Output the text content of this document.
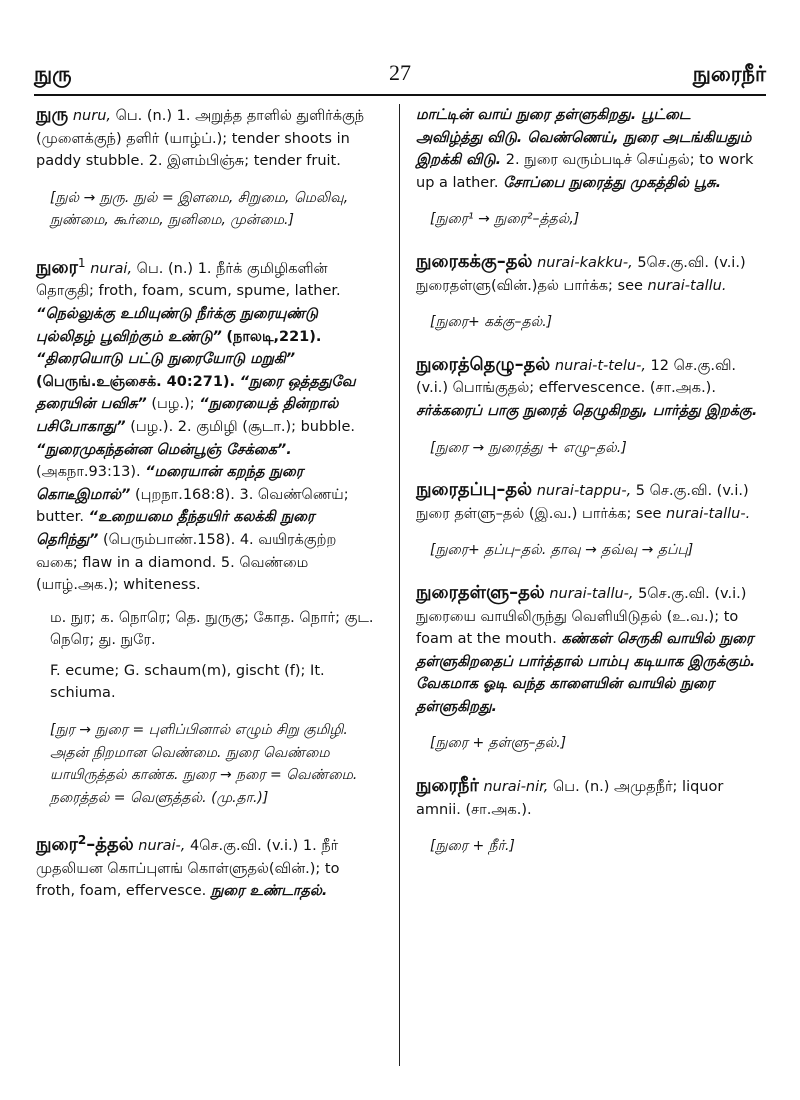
நுரு	27	நுரைநீர்
நுரு nuru, பெ. (n.) 1. அறுத்த தாளில் துளிர்க்குந் (முளைக்குந்) தளிர் (யாழ்ப்.); tender shoots in paddy stubble. 2. இளம்பிஞ்சு; tender fruit.
[நுல் → நுரு. நுல் = இளமை, சிறுமை, மெலிவு, நுண்மை, கூர்மை, நுனிமை, முன்மை.]
நுரை$^1$ nurai, பெ. (n.) 1. நீர்க் குமிழிகளின் தொகுதி; froth, foam, scum, spume, lather. “நெல்லுக்கு உமியுண்டு நீர்க்கு நுரையுண்டு புல்லிதழ் பூவிற்கும் உண்டு” (நாலடி,221). “திரையொடு பட்டு நுரையோடு மறுகி” (பெருங்.உஞ்சைக். 40:271). “நுரை ஒத்ததுவே தரையின் பவிசு” (பழ.); “நுரையைத் தின்றால் பசிபோகாது” (பழ.). 2. குமிழி (சூடா.); bubble. “நுரைமுகந்தன்ன மென்பூஞ் சேக்கை”. (அகநா.93:13). “மரையான் கறந்த நுரை கொடீஇமால்” (புறநா.168:8). 3. வெண்ணெய்; butter. “உறையமை தீந்தயிர் கலக்கி நுரை தெரிந்து” (பெரும்பாண்.158). 4. வயிரக்குற்ற வகை; flaw in a diamond. 5. வெண்மை (யாழ்.அக.); whiteness.
ம. நுர; க. நொரெ; தெ. நுருகு; கோத. நொர்; குட. நெரெ; து. நுரே.
F. ecume; G. schaum(m), gischt (f); It. schiuma.
[நுர → நுரை = புளிப்பினால் எழும் சிறு குமிழி. அதன் நிறமான வெண்மை. நுரை வெண்மை யாயிருத்தல் காண்க. நுரை → நரை = வெண்மை. நரைத்தல் = வெளுத்தல். (மு.தா.)]
நுரை$^2$–த்தல் nurai-, 4செ.கு.வி. (v.i.) 1. நீர் முதலியன கொப்புளங் கொள்ளுதல்(வின்.); to froth, foam, effervesce. நுரை உண்டாதல்.
மாட்டின் வாய் நுரை தள்ளுகிறது. பூட்டை அவிழ்த்து விடு. வெண்ணெய், நுரை அடங்கியதும் இறக்கி விடு. 2. நுரை வரும்படிச் செய்தல்; to work up a lather. சோப்பை நுரைத்து முகத்தில் பூசு.
[நுரை¹ → நுரை²–த்தல்,]
நுரைகக்கு–தல் nurai-kakku-, 5செ.கு.வி. (v.i.) நுரைதள்ளு(வின்.)தல் பார்க்க; see nurai-tallu.
[நுரை+ கக்கு–தல்.]
நுரைத்தெழு–தல் nurai-t-telu-, 12 செ.கு.வி. (v.i.) பொங்குதல்; effervescence. (சா.அக.). சர்க்கரைப் பாகு நுரைத் தெழுகிறது, பார்த்து இறக்கு.
[நுரை → நுரைத்து + எழு–தல்.]
நுரைதப்பு–தல் nurai-tappu-, 5 செ.கு.வி. (v.i.) நுரை தள்ளு–தல் (இ.வ.) பார்க்க; see nurai-tallu-.
[நுரை+ தப்பு–தல். தாவு → தவ்வு → தப்பு]
நுரைதள்ளு–தல் nurai-tallu-, 5செ.கு.வி. (v.i.) நுரையை வாயிலிருந்து வெளியிடுதல் (உ.வ.); to foam at the mouth. கண்கள் செருகி வாயில் நுரை தள்ளுகிறதைப் பார்த்தால் பாம்பு கடியாக இருக்கும். வேகமாக ஓடி வந்த காளையின் வாயில் நுரை தள்ளுகிறது.
[நுரை + தள்ளு–தல்.]
நுரைநீர் nurai-nir, பெ. (n.) அமுதநீர்; liquor amnii. (சா.அக.).
[நுரை + நீர்.]
